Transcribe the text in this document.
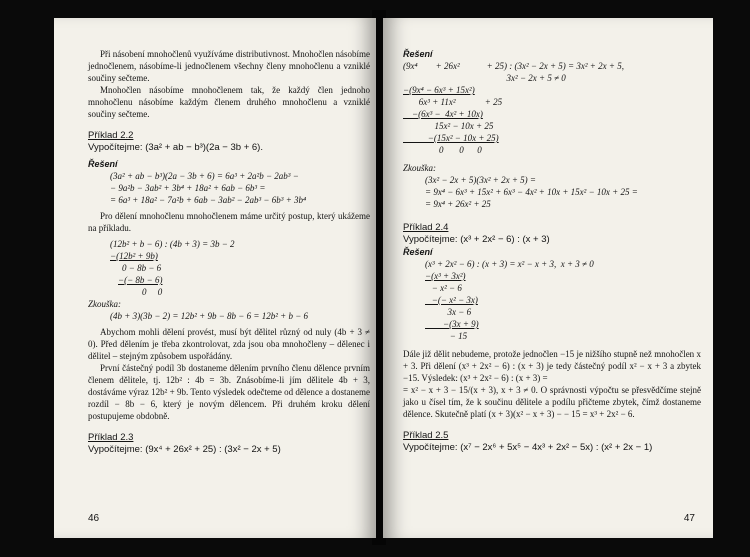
Při násobení mnohočlenů využíváme distributivnost. Mnohočlen násobíme jednočlenem, násobíme-li jednočlenem všechny členy mnohočlenu a vzniklé součiny sečteme.

Mnohočlen násobíme mnohočlenem tak, že každý člen jednoho mnohočlenu násobíme každým členem druhého mnohočlenu a vzniklé součiny sečteme.

Příklad 2.2
Vypočítejme: (3a² + ab − b³)(2a − 3b + 6).
Řešení
(3a² + ab − b³)(2a − 3b + 6) = 6a³ + 2a²b − 2ab³ −
− 9a²b − 3ab² + 3b⁴ + 18a² + 6ab − 6b³ =
= 6a³ + 18a² − 7a²b + 6ab − 3ab² − 2ab³ − 6b³ + 3b⁴

Pro dělení mnohočlenu mnohočlenem máme určitý postup, který ukážeme na příkladu.

(12b² + b − 6) : (4b + 3) = 3b − 2
−(12b² + 9b)
0 − 8b − 6
−(− 8b − 6)
0     0
Zkouška:
(4b + 3)(3b − 2) = 12b² + 9b − 8b − 6 = 12b² + b − 6

Abychom mohli dělení provést, musí být dělitel různý od nuly (4b + 3 ≠ 0). Před dělením je třeba zkontrolovat, zda jsou oba mnohočleny – dělenec i dělitel – stejným způsobem uspořádány.

První částečný podíl 3b dostaneme dělením prvního členu dělence prvním členem dělitele, tj. 12b² : 4b = 3b. Znásobíme-li jím dělitele 4b + 3, dostáváme výraz 12b² + 9b. Tento výsledek odečteme od dělence a dostaneme rozdíl − 8b − 6, který je novým dělencem. Při druhém kroku dělení postupujeme obdobně.

Příklad 2.3
Vypočítejme: (9x⁴ + 26x² + 25) : (3x² − 2x + 5)
46
Řešení
(9x⁴        + 26x²            + 25) : (3x² − 2x + 5) = 3x² + 2x + 5,
3x² − 2x + 5 ≠ 0
−(9x⁴ − 6x³ + 15x²)
6x³ + 11x²             + 25
−(6x³ −  4x² + 10x)
15x² − 10x + 25
−(15x² − 10x + 25)
0       0      0
Zkouška:
(3x² − 2x + 5)(3x² + 2x + 5) =
= 9x⁴ − 6x³ + 15x² + 6x³ − 4x² + 10x + 15x² − 10x + 25 =
= 9x⁴ + 26x² + 25
Příklad 2.4
Vypočítejme: (x³ + 2x² − 6) : (x + 3)
Řešení
(x³ + 2x² − 6) : (x + 3) = x² − x + 3,  x + 3 ≠ 0
−(x³ + 3x²)
− x² − 6
−(− x² − 3x)
3x − 6
−(3x + 9)
− 15

Dále již dělit nebudeme, protože jednočlen −15 je nižšího stupně než mnohočlen x + 3. Při dělení (x³ + 2x² − 6) : (x + 3) je tedy částečný podíl x² − x + 3 a zbytek −15. Výsledek: (x³ + 2x² − 6) : (x + 3) =

= x² − x + 3 − 15/(x + 3), x + 3 ≠ 0. O správnosti výpočtu se přesvědčíme stejně jako u čísel tím, že k součinu dělitele a podílu přičteme zbytek, čímž dostaneme dělence. Skutečně platí (x + 3)(x² − x + 3) − − 15 = x³ + 2x² − 6.

Příklad 2.5
Vypočítejme: (x⁷ − 2x⁶ + 5x⁵ − 4x³ + 2x² − 5x) : (x² + 2x − 1)
47
